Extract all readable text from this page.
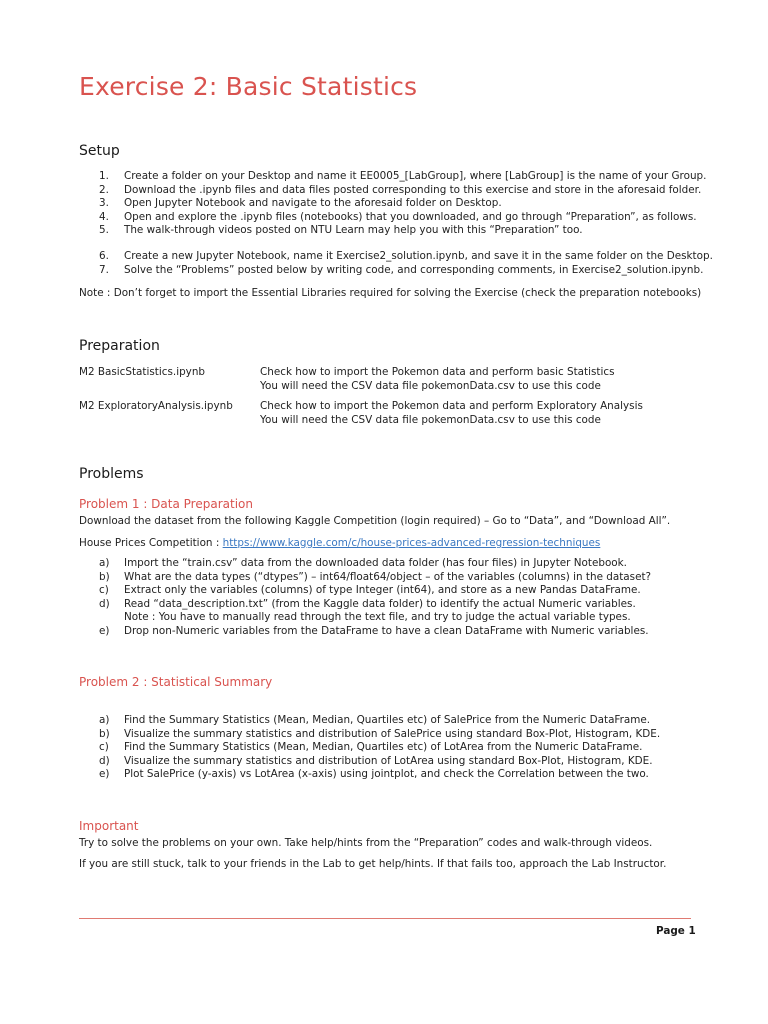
Exercise 2: Basic Statistics
Setup
1.	Create a folder on your Desktop and name it EE0005_[LabGroup], where [LabGroup] is the name of your Group.
2.	Download the .ipynb files and data files posted corresponding to this exercise and store in the aforesaid folder.
3.	Open Jupyter Notebook and navigate to the aforesaid folder on Desktop.
4.	Open and explore the .ipynb files (notebooks) that you downloaded, and go through “Preparation”, as follows.
5.	The walk-through videos posted on NTU Learn may help you with this “Preparation” too.
6.	Create a new Jupyter Notebook, name it Exercise2_solution.ipynb, and save it in the same folder on the Desktop.
7.	Solve the “Problems” posted below by writing code, and corresponding comments, in Exercise2_solution.ipynb.

Note : Don’t forget to import the Essential Libraries required for solving the Exercise (check the preparation notebooks)

Preparation
M2 BasicStatistics.ipynb	Check how to import the Pokemon data and perform basic Statistics
You will need the CSV data file pokemonData.csv to use this code
M2 ExploratoryAnalysis.ipynb	Check how to import the Pokemon data and perform Exploratory Analysis
You will need the CSV data file pokemonData.csv to use this code
Problems
Problem 1 : Data Preparation

Download the dataset from the following Kaggle Competition (login required) – Go to “Data”, and “Download All”.

House Prices Competition : https://www.kaggle.com/c/house-prices-advanced-regression-techniques

a)	Import the “train.csv” data from the downloaded data folder (has four files) in Jupyter Notebook.
b)	What are the data types (“dtypes”) – int64/float64/object – of the variables (columns) in the dataset?
c)	Extract only the variables (columns) of type Integer (int64), and store as a new Pandas DataFrame.
d)	Read “data_description.txt” (from the Kaggle data folder) to identify the actual Numeric variables.
Note : You have to manually read through the text file, and try to judge the actual variable types.
e)	Drop non-Numeric variables from the DataFrame to have a clean DataFrame with Numeric variables.
Problem 2 : Statistical Summary
a)	Find the Summary Statistics (Mean, Median, Quartiles etc) of SalePrice from the Numeric DataFrame.
b)	Visualize the summary statistics and distribution of SalePrice using standard Box-Plot, Histogram, KDE.
c)	Find the Summary Statistics (Mean, Median, Quartiles etc) of LotArea from the Numeric DataFrame.
d)	Visualize the summary statistics and distribution of LotArea using standard Box-Plot, Histogram, KDE.
e)	Plot SalePrice (y-axis) vs LotArea (x-axis) using jointplot, and check the Correlation between the two.
Important

Try to solve the problems on your own. Take help/hints from the “Preparation” codes and walk-through videos.

If you are still stuck, talk to your friends in the Lab to get help/hints. If that fails too, approach the Lab Instructor.

Page 1
